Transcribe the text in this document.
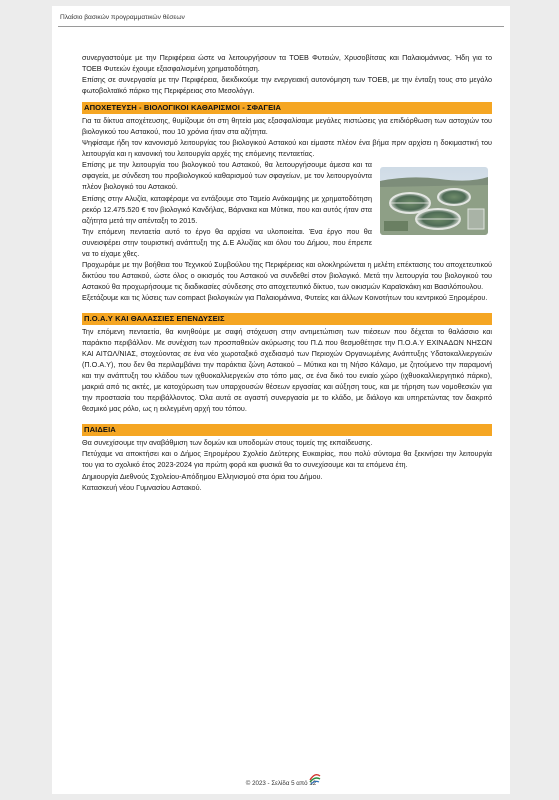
Πλαίσιο βασικών προγραμματικών θέσεων

συνεργαστούμε με την Περιφέρεια ώστε να λειτουργήσουν τα ΤΟΕΒ Φυτειών, Χρυσοβίτσας και Παλαιομάνινας. Ήδη για το ΤΟΕΒ Φυτειών έχουμε εξασφαλισμένη χρηματοδότηση.

Επίσης σε συνεργασία με την Περιφέρεια, διεκδικούμε την ενεργειακή αυτονόμηση των ΤΟΕΒ, με την ένταξη τους στο μεγάλο φωτοβολταϊκό πάρκο της Περιφέρειας στο Μεσολόγγι.

ΑΠΟΧΕΤΕΥΣΗ - ΒΙΟΛΟΓΙΚΟΙ ΚΑΘΑΡΙΣΜΟΙ - ΣΦΑΓΕΙΑ

Για τα δίκτυα αποχέτευσης, θυμίζουμε ότι στη θητεία μας εξασφαλίσαμε μεγάλες πιστώσεις για επιδιόρθωση των αστοχιών του βιολογικού του Αστακού, που 10 χρόνια ήταν στα αζήτητα.

Ψηφίσαμε ήδη τον κανονισμό λειτουργίας του βιολογικού Αστακού και είμαστε πλέον ένα βήμα πριν αρχίσει η δοκιμαστική του λειτουργία και η κανονική του λειτουργία αρχές της επόμενης πενταετίας.

Επίσης με την λειτουργία του βιολογικού του Αστακού, θα λειτουργήσουμε άμεσα και τα σφαγεία, με σύνδεση του προβιολογικού καθαρισμού των σφαγείων, με τον λειτουργούντα πλέον βιολογικό του Αστακού.

Επίσης στην Αλυζία, καταφέραμε να εντάξουμε στο Ταμείο Ανάκαμψης με χρηματοδότηση ρεκόρ 12.475.520 € τον βιολογικό Κανδήλας, Βάρνακα και Μύτικα, που και αυτός ήταν στα αζήτητα μετά την απένταξη το 2015.

Την επόμενη πενταετία αυτό το έργο θα αρχίσει να υλοποιείται. Ένα έργο που θα συνεισφέρει στην τουριστική ανάπτυξη της Δ.Ε Αλυζίας και όλου του Δήμου, που έπρεπε να το είχαμε χθες.

Προχωράμε με την βοήθεια του Τεχνικού Συμβούλου της Περιφέρειας και ολοκληρώνεται η μελέτη επέκτασης του αποχετευτικού δικτύου του Αστακού, ώστε όλος ο οικισμός του Αστακού να συνδεθεί στον βιολογικό. Μετά την λειτουργία του βιολογικού του Αστακού θα προχωρήσουμε τις διαδικασίες σύνδεσης στο αποχετευτικό δίκτυο, των οικισμών Καραϊσκάκη και Βασιλόπουλου.

Εξετάζουμε και τις λύσεις των compact βιολογικών για Παλαιομάνινα, Φυτείες και άλλων Κοινοτήτων του κεντρικού Ξηρομέρου.

Π.Ο.Α.Υ ΚΑΙ ΘΑΛΑΣΣΙΕΣ ΕΠΕΝΔΥΣΕΙΣ

Την επόμενη πενταετία, θα κινηθούμε με σαφή στόχευση στην αντιμετώπιση των πιέσεων που δέχεται το θαλάσσιο και παράκτιο περιβάλλον. Με συνέχιση των προσπαθειών ακύρωσης του Π.Δ που θεσμοθέτησε την Π.Ο.Α.Υ ΕΧΙΝΑΔΩΝ ΝΗΣΩΝ ΚΑΙ ΑΙΤΩΛ/ΝΙΑΣ, στοχεύοντας σε ένα νέο χωροταξικό σχεδιασμό των Περιοχών Οργανωμένης Ανάπτυξης Υδατοκαλλιεργειών (Π.Ο.Α.Υ), που δεν θα περιλαμβάνει την παράκτια ζώνη Αστακού – Μύτικα και τη Νήσο Κάλαμο, με ζητούμενο την παραμονή και την ανάπτυξη του κλάδου των ιχθυοκαλλιεργειών στο τόπο μας, σε ένα δικό του ενιαίο χώρο (ιχθυοκαλλιεργητικό πάρκο), μακριά από τις ακτές, με κατοχύρωση των υπαρχουσών θέσεων εργασίας και αύξηση τους, και με τήρηση των νομοθεσιών για την προστασία του περιβάλλοντος. Όλα αυτά σε αγαστή συνεργασία με το κλάδο, με διάλογο και υπηρετώντας τον διακριτό θεσμικό μας ρόλο, ως η εκλεγμένη αρχή του τόπου.

ΠΑΙΔΕΙΑ

Θα συνεχίσουμε την αναβάθμιση των δομών και υποδομών στους τομείς της εκπαίδευσης.

Πετύχαμε να αποκτήσει και ο Δήμος Ξηρομέρου Σχολείο Δεύτερης Ευκαιρίας, που πολύ σύντομα θα ξεκινήσει την λειτουργία του για το σχολικό έτος 2023-2024 για πρώτη φορά και φυσικά θα το συνεχίσουμε και τα επόμενα έτη.

Δημιουργία Διεθνούς Σχολείου-Απόδημου Ελληνισμού στα όρια του Δήμου.

Κατασκευή νέου Γυμνασίου Αστακού.

© 2023 - Σελίδα 5 από 12
